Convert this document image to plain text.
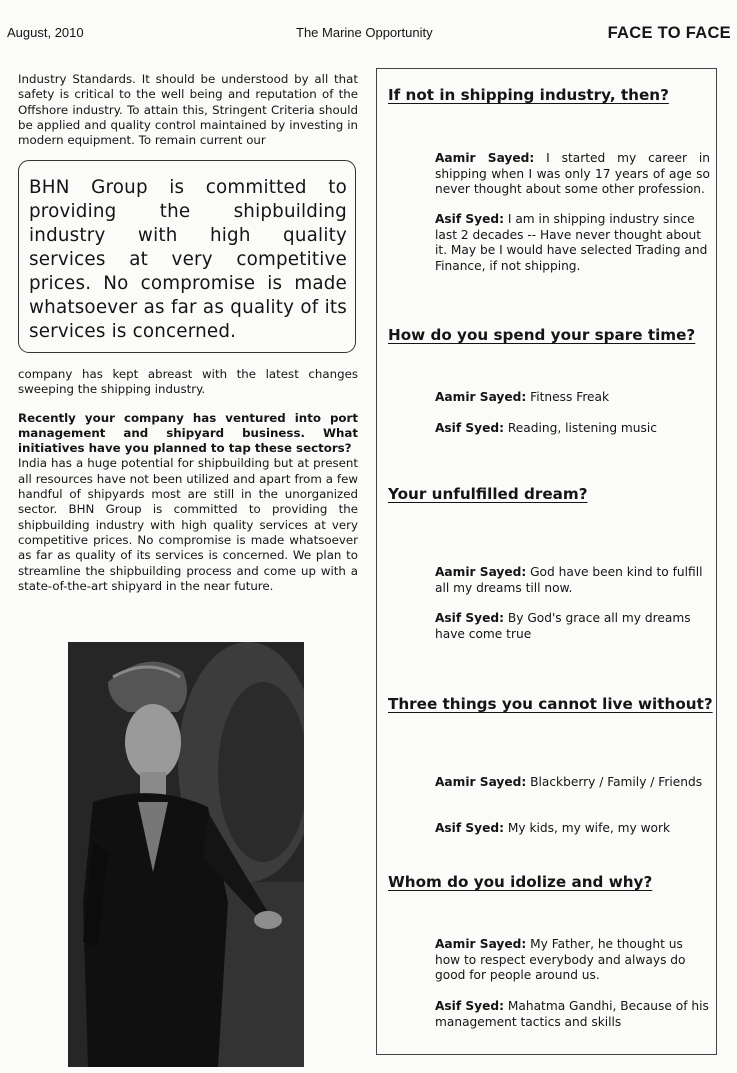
August, 2010	The Marine Opportunity	FACE TO FACE

Industry Standards. It should be understood by all that safety is critical to the well being and reputation of the Offshore industry. To attain this, Stringent Criteria should be applied and quality control maintained by investing in modern equipment. To remain current our

BHN Group is committed to providing the shipbuilding industry with high quality services at very competitive prices. No compromise is made whatsoever as far as quality of its services is concerned.

company has kept abreast with the latest changes sweeping the shipping industry.

Recently your company has ventured into port management and shipyard business. What initiatives have you planned to tap these sectors?

India has a huge potential for shipbuilding but at present all resources have not been utilized and apart from a few handful of shipyards most are still in the unorganized sector. BHN Group is committed to providing the shipbuilding industry with high quality services at very competitive prices. No compromise is made whatsoever as far as quality of its services is concerned. We plan to streamline the shipbuilding process and come up with a state-of-the-art shipyard in the near future.

If not in shipping industry, then?

Aamir Sayed: I started my career in shipping when I was only 17 years of age so never thought about some other profession.

Asif Syed: I am in shipping industry since last 2 decades -- Have never thought about it. May be I would have selected Trading and Finance, if not shipping.

How do you spend your spare time?

Aamir Sayed: Fitness Freak

Asif Syed: Reading, listening music

Your unfulfilled dream?

Aamir Sayed: God have been kind to fulfill all my dreams till now.

Asif Syed: By God's grace all my dreams have come true

Three things you cannot live without?

Aamir Sayed: Blackberry / Family / Friends

Asif Syed: My kids, my wife, my work

Whom do you idolize and why?

Aamir Sayed: My Father, he thought us how to respect everybody and always do good for people around us.

Asif Syed: Mahatma Gandhi, Because of his management tactics and skills
